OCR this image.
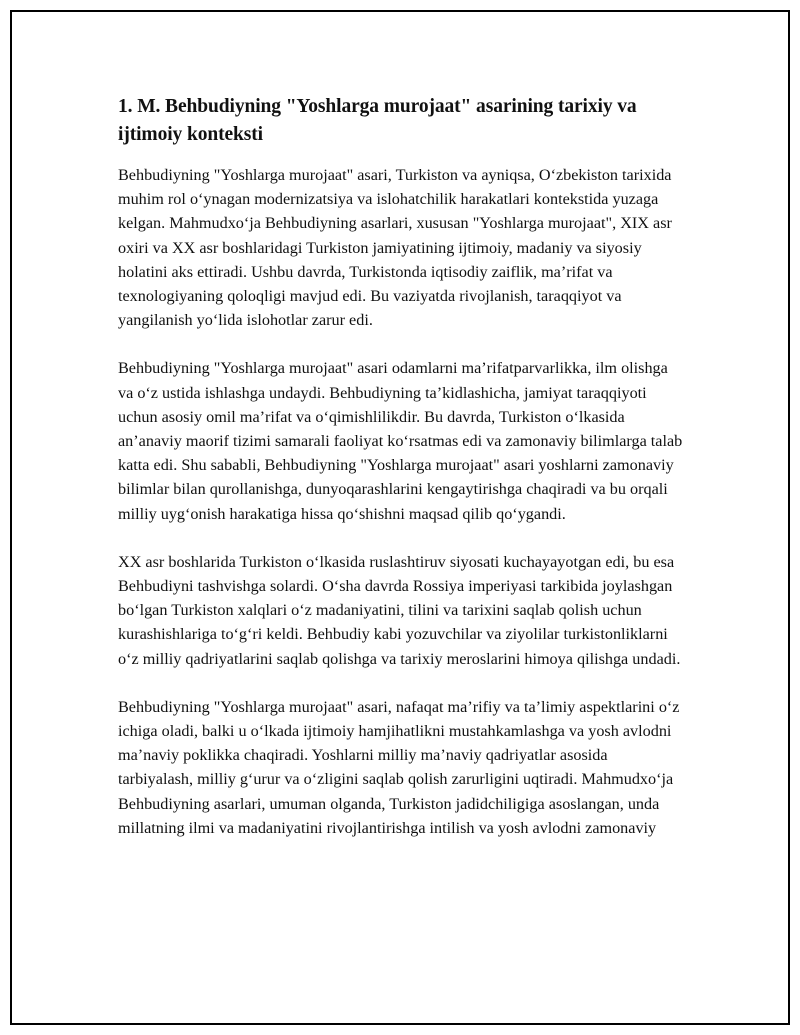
1. M. Behbudiyning "Yoshlarga murojaat" asarining tarixiy va ijtimoiy konteksti

Behbudiyning "Yoshlarga murojaat" asari, Turkiston va ayniqsa, O‘zbekiston tarixida muhim rol o‘ynagan modernizatsiya va islohatchilik harakatlari kontekstida yuzaga kelgan. Mahmudxo‘ja Behbudiyning asarlari, xususan "Yoshlarga murojaat", XIX asr oxiri va XX asr boshlaridagi Turkiston jamiyatining ijtimoiy, madaniy va siyosiy holatini aks ettiradi. Ushbu davrda, Turkistonda iqtisodiy zaiflik, ma’rifat va texnologiyaning qoloqligi mavjud edi. Bu vaziyatda rivojlanish, taraqqiyot va yangilanish yo‘lida islohotlar zarur edi.

Behbudiyning "Yoshlarga murojaat" asari odamlarni ma’rifatparvarlikka, ilm olishga va o‘z ustida ishlashga undaydi. Behbudiyning ta’kidlashicha, jamiyat taraqqiyoti uchun asosiy omil ma’rifat va o‘qimishlilikdir. Bu davrda, Turkiston o‘lkasida an’anaviy maorif tizimi samarali faoliyat ko‘rsatmas edi va zamonaviy bilimlarga talab katta edi. Shu sababli, Behbudiyning "Yoshlarga murojaat" asari yoshlarni zamonaviy bilimlar bilan qurollanishga, dunyoqarashlarini kengaytirishga chaqiradi va bu orqali milliy uyg‘onish harakatiga hissa qo‘shishni maqsad qilib qo‘ygandi.

XX asr boshlarida Turkiston o‘lkasida ruslashtiruv siyosati kuchayayotgan edi, bu esa Behbudiyni tashvishga solardi. O‘sha davrda Rossiya imperiyasi tarkibida joylashgan bo‘lgan Turkiston xalqlari o‘z madaniyatini, tilini va tarixini saqlab qolish uchun kurashishlariga to‘g‘ri keldi. Behbudiy kabi yozuvchilar va ziyolilar turkistonliklarni o‘z milliy qadriyatlarini saqlab qolishga va tarixiy meroslarini himoya qilishga undadi.

Behbudiyning "Yoshlarga murojaat" asari, nafaqat ma’rifiy va ta’limiy aspektlarini o‘z ichiga oladi, balki u o‘lkada ijtimoiy hamjihatlikni mustahkamlashga va yosh avlodni ma’naviy poklikka chaqiradi. Yoshlarni milliy ma’naviy qadriyatlar asosida tarbiyalash, milliy g‘urur va o‘zligini saqlab qolish zarurligini uqtiradi. Mahmudxo‘ja Behbudiyning asarlari, umuman olganda, Turkiston jadidchiligiga asoslangan, unda millatning ilmi va madaniyatini rivojlantirishga intilish va yosh avlodni zamonaviy
